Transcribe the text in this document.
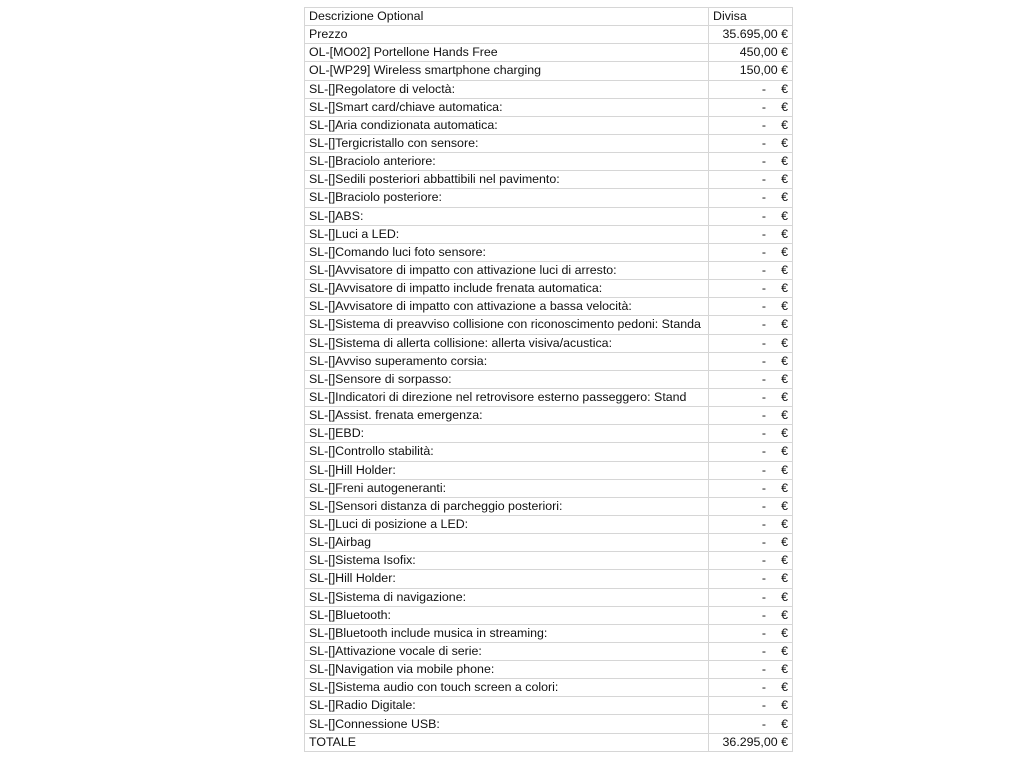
Descrizione Optional	Divisa
Prezzo	35.695,00 €
OL-[MO02] Portellone Hands Free	450,00 €
OL-[WP29] Wireless smartphone charging	150,00 €
SL-[]Regolatore di veloctà:	- €

SL-[]Smart card/chiave automatica:	- €

SL-[]Aria condizionata automatica:	- €

SL-[]Tergicristallo con sensore:	- €

SL-[]Braciolo anteriore:	- €

SL-[]Sedili posteriori abbattibili nel pavimento:	- €

SL-[]Braciolo posteriore:	- €

SL-[]ABS:	- €

SL-[]Luci a LED:	- €

SL-[]Comando luci foto sensore:	- €

SL-[]Avvisatore di impatto con attivazione luci di arresto:	- €

SL-[]Avvisatore di impatto include frenata automatica:	- €

SL-[]Avvisatore di impatto con attivazione a bassa velocità:	- €

SL-[]Sistema di preavviso collisione con riconoscimento pedoni: Standa	- €

SL-[]Sistema di allerta collisione: allerta visiva/acustica:	- €

SL-[]Avviso superamento corsia:	- €

SL-[]Sensore di sorpasso:	- €

SL-[]Indicatori di direzione nel retrovisore esterno passeggero: Stand	- €

SL-[]Assist. frenata emergenza:	- €

SL-[]EBD:	- €

SL-[]Controllo stabilità:	- €

SL-[]Hill Holder:	- €

SL-[]Freni autogeneranti:	- €

SL-[]Sensori distanza di parcheggio posteriori:	- €

SL-[]Luci di posizione a LED:	- €

SL-[]Airbag	- €

SL-[]Sistema Isofix:	- €

SL-[]Hill Holder:	- €

SL-[]Sistema di navigazione:	- €

SL-[]Bluetooth:	- €

SL-[]Bluetooth include musica in streaming:	- €

SL-[]Attivazione vocale di serie:	- €

SL-[]Navigation via mobile phone:	- €

SL-[]Sistema audio con touch screen a colori:	- €

SL-[]Radio Digitale:	- €

SL-[]Connessione USB:	- €

TOTALE	36.295,00 €
